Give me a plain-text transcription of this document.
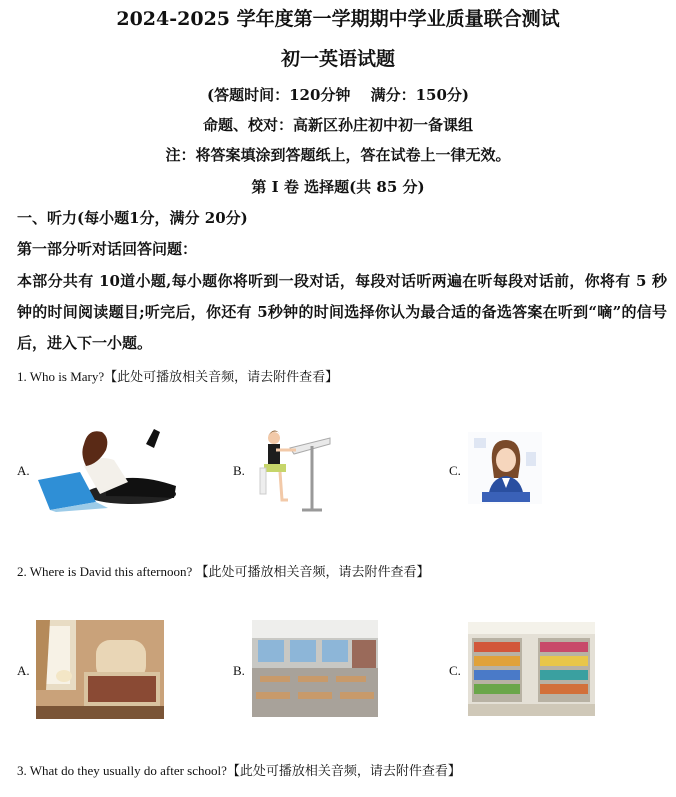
2024-2025 学年度第一学期期中学业质量联合测试
初一英语试题
(答题时间：120分钟　 满分：150分)
命题、校对：高新区孙庄初中初一备课组
注：将答案填涂到答题纸上，答在试卷上一律无效。
第 I 卷 选择题(共 85 分)
一、听力(每小题1分，满分 20分)
第一部分听对话回答问题：
本部分共有 10道小题,每小题你将听到一段对话，每段对话听两遍在听每段对话前，你将有 5 秒钟的时间阅读题目;听完后，你还有 5秒钟的时间选择你认为最合适的备选答案在听到“嘀”的信号后，进入下一小题。
1. Who is Mary?【此处可播放相关音频，请去附件查看】
A.	B.	C.
2. Where is David this afternoon? 【此处可播放相关音频，请去附件查看】
A.	B.	C.
3. What do they usually do after school?【此处可播放相关音频，请去附件查看】
